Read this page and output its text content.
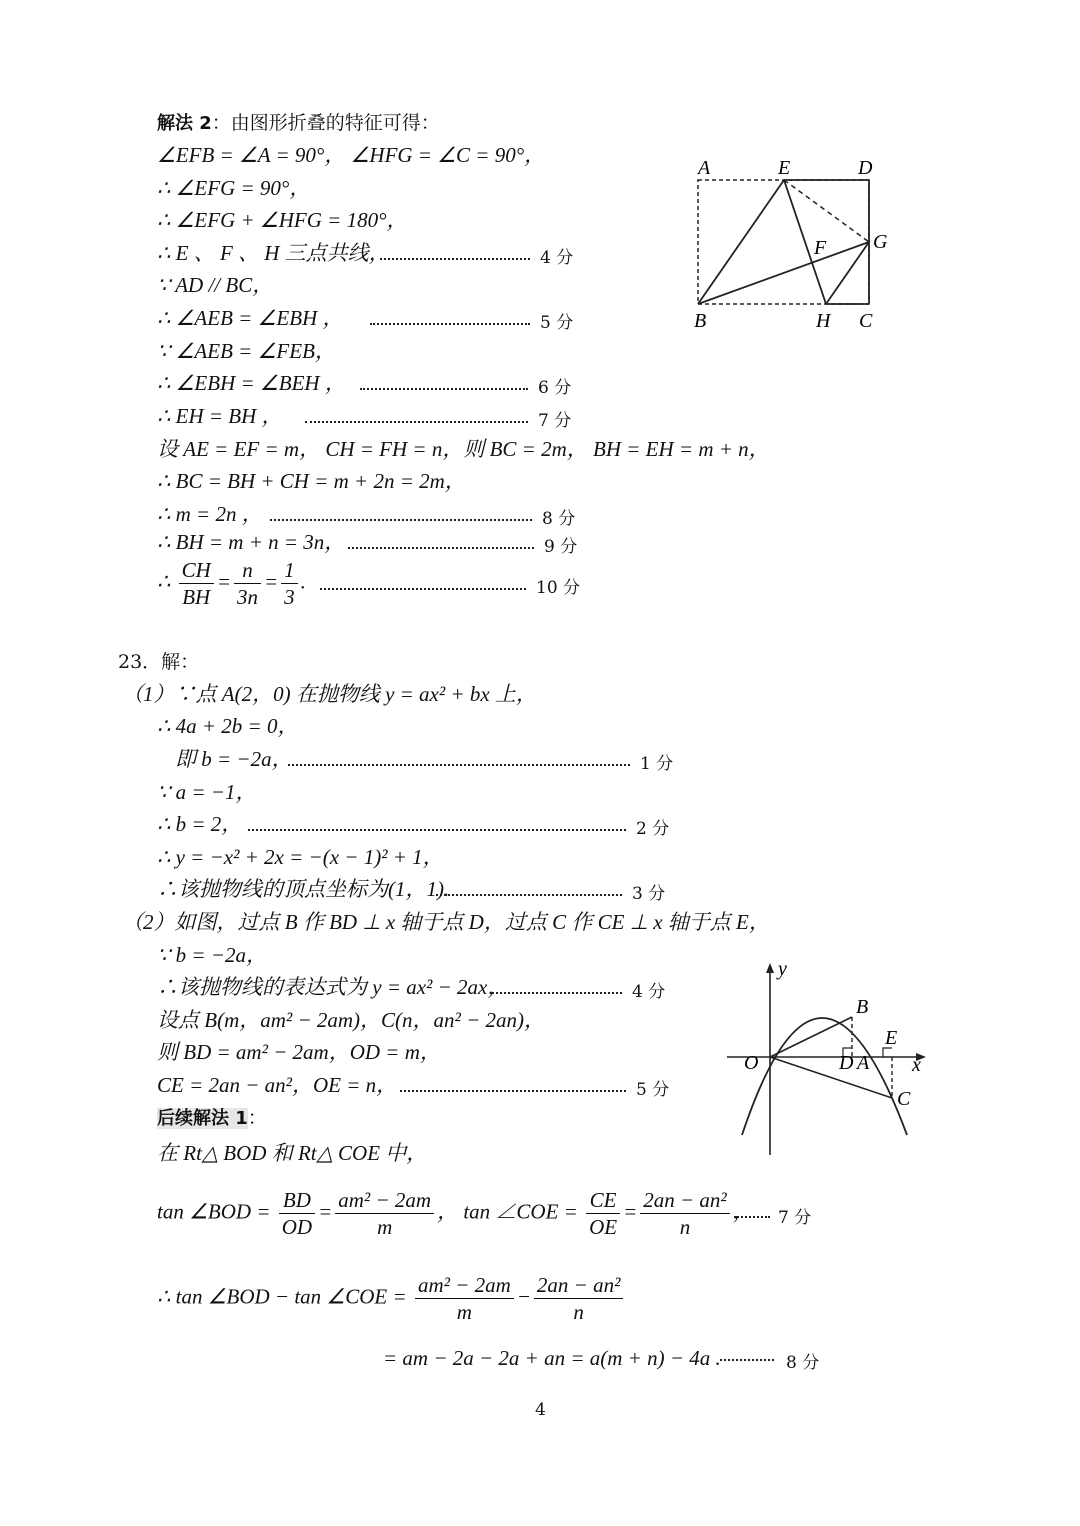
解法 2：由图形折叠的特征可得：
∠EFB = ∠A = 90°， ∠HFG = ∠C = 90°，
∴ ∠EFG = 90°，
∴ ∠EFG + ∠HFG = 180°，
∴ E 、 F 、 H 三点共线，	4 分
∵ AD // BC，
∴ ∠AEB = ∠EBH ，	5 分
∵ ∠AEB = ∠FEB，
∴ ∠EBH = ∠BEH ，	6 分
∴ EH = BH ，	7 分
设 AE = EF = m， CH = FH = n，则 BC = 2m， BH = EH = m + n，
∴ BC = BH + CH = m + 2n = 2m，
∴ m = 2n ，	8 分
∴ BH = m + n = 3n，	9 分
∴ $\frac{CH}{BH} = \frac{n}{3n} = \frac{1}{3}$ .	10 分
A	E	D
F G
B	H C
23．解：
（1）∵点 A(2，0) 在抛物线 y = ax² + bx 上，
∴ 4a + 2b = 0，
即 b = −2a，	1 分
∵ a = −1，
∴ b = 2，	2 分
∴ y = −x² + 2x = −(x − 1)² + 1，
∴该抛物线的顶点坐标为(1，1).	3 分
（2）如图，过点 B 作 BD ⊥ x 轴于点 D，过点 C 作 CE ⊥ x 轴于点 E，
∵ b = −2a，
∴该抛物线的表达式为 y = ax² − 2ax，	4 分
设点 B(m，am² − 2am)，C(n，an² − 2an)，
则 BD = am² − 2am，OD = m，
CE = 2an − an²，OE = n，	5 分
后续解法 1：
在 Rt△ BOD 和 Rt△ COE 中，
tan ∠BOD = $\frac{BD}{OD} = \frac{\text{am² − 2am}}{m}$ ， tan ∠COE = $\frac{CE}{OE} = \frac{\text{2an − an²}}{n}$ ， 7 分
∴ tan ∠BOD − tan ∠COE = $\frac{\text{am² − 2am}}{m} - \frac{\text{2an − an²}}{n}$
= am − 2a − 2a + an = a(m + n) − 4a .	8 分
y
x
O
B
D A
E
C
4
